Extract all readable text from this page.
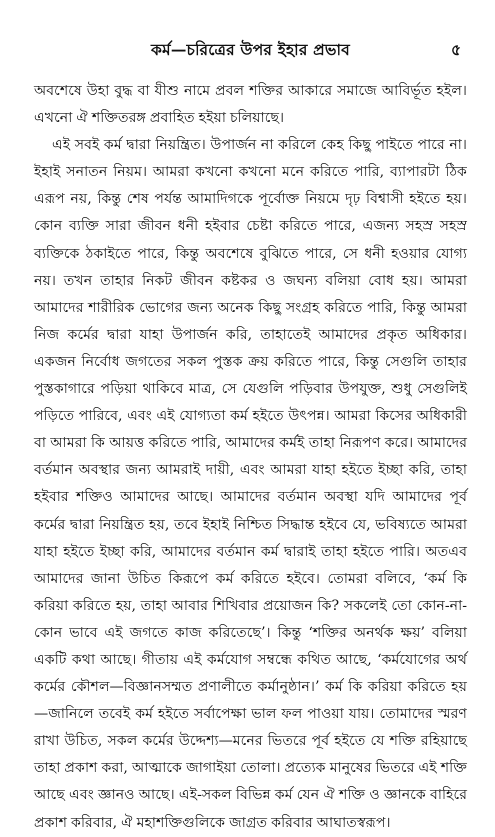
কর্ম—চরিত্রের উপর ইহার প্রভাব	৫

অবশেষে উহা বুদ্ধ বা যীশু নামে প্রবল শক্তির আকারে সমাজে আবির্ভূত হইল। এখনো ঐ শক্তিতরঙ্গ প্রবাহিত হইয়া চলিয়াছে।

এই সবই কর্ম দ্বারা নিয়ন্ত্রিত। উপার্জন না করিলে কেহ কিছু পাইতে পারে না। ইহাই সনাতন নিয়ম। আমরা কখনো কখনো মনে করিতে পারি, ব্যাপারটা ঠিক এরূপ নয়, কিন্তু শেষ পর্যন্ত আমাদিগকে পূর্বোক্ত নিয়মে দৃঢ় বিশ্বাসী হইতে হয়। কোন ব্যক্তি সারা জীবন ধনী হইবার চেষ্টা করিতে পারে, এজন্য সহস্র সহস্র ব্যক্তিকে ঠকাইতে পারে, কিন্তু অবশেষে বুঝিতে পারে, সে ধনী হওয়ার যোগ্য নয়। তখন তাহার নিকট জীবন কষ্টকর ও জঘন্য বলিয়া বোধ হয়। আমরা আমাদের শারীরিক ভোগের জন্য অনেক কিছু সংগ্রহ করিতে পারি, কিন্তু আমরা নিজ কর্মের দ্বারা যাহা উপার্জন করি, তাহাতেই আমাদের প্রকৃত অধিকার। একজন নির্বোধ জগতের সকল পুস্তক ক্রয় করিতে পারে, কিন্তু সেগুলি তাহার পুস্তকাগারে পড়িয়া থাকিবে মাত্র, সে যেগুলি পড়িবার উপযুক্ত, শুধু সেগুলিই পড়িতে পারিবে, এবং এই যোগ্যতা কর্ম হইতে উৎপন্ন। আমরা কিসের অধিকারী বা আমরা কি আয়ত্ত করিতে পারি, আমাদের কর্মই তাহা নিরূপণ করে। আমাদের বর্তমান অবস্থার জন্য আমরাই দায়ী, এবং আমরা যাহা হইতে ইচ্ছা করি, তাহা হইবার শক্তিও আমাদের আছে। আমাদের বর্তমান অবস্থা যদি আমাদের পূর্ব কর্মের দ্বারা নিয়ন্ত্রিত হয়, তবে ইহাই নিশ্চিত সিদ্ধান্ত হইবে যে, ভবিষ্যতে আমরা যাহা হইতে ইচ্ছা করি, আমাদের বর্তমান কর্ম দ্বারাই তাহা হইতে পারি। অতএব আমাদের জানা উচিত কিরূপে কর্ম করিতে হইবে। তোমরা বলিবে, ‘কর্ম কি করিয়া করিতে হয়, তাহা আবার শিখিবার প্রয়োজন কি? সকলেই তো কোন-না-কোন ভাবে এই জগতে কাজ করিতেছে’। কিন্তু ‘শক্তির অনর্থক ক্ষয়’ বলিয়া একটি কথা আছে। গীতায় এই কর্মযোগ সম্বন্ধে কথিত আছে, ‘কর্মযোগের অর্থ কর্মের কৌশল—বিজ্ঞানসম্মত প্রণালীতে কর্মানুষ্ঠান।’ কর্ম কি করিয়া করিতে হয়—জানিলে তবেই কর্ম হইতে সর্বাপেক্ষা ভাল ফল পাওয়া যায়। তোমাদের স্মরণ রাখা উচিত, সকল কর্মের উদ্দেশ্য—মনের ভিতরে পূর্ব হইতে যে শক্তি রহিয়াছে তাহা প্রকাশ করা, আত্মাকে জাগাইয়া তোলা। প্রত্যেক মানুষের ভিতরে এই শক্তি আছে এবং জ্ঞানও আছে। এই-সকল বিভিন্ন কর্ম যেন ঐ শক্তি ও জ্ঞানকে বাহিরে প্রকাশ করিবার, ঐ মহাশক্তিগুলিকে জাগ্রত করিবার আঘাতস্বরূপ।
